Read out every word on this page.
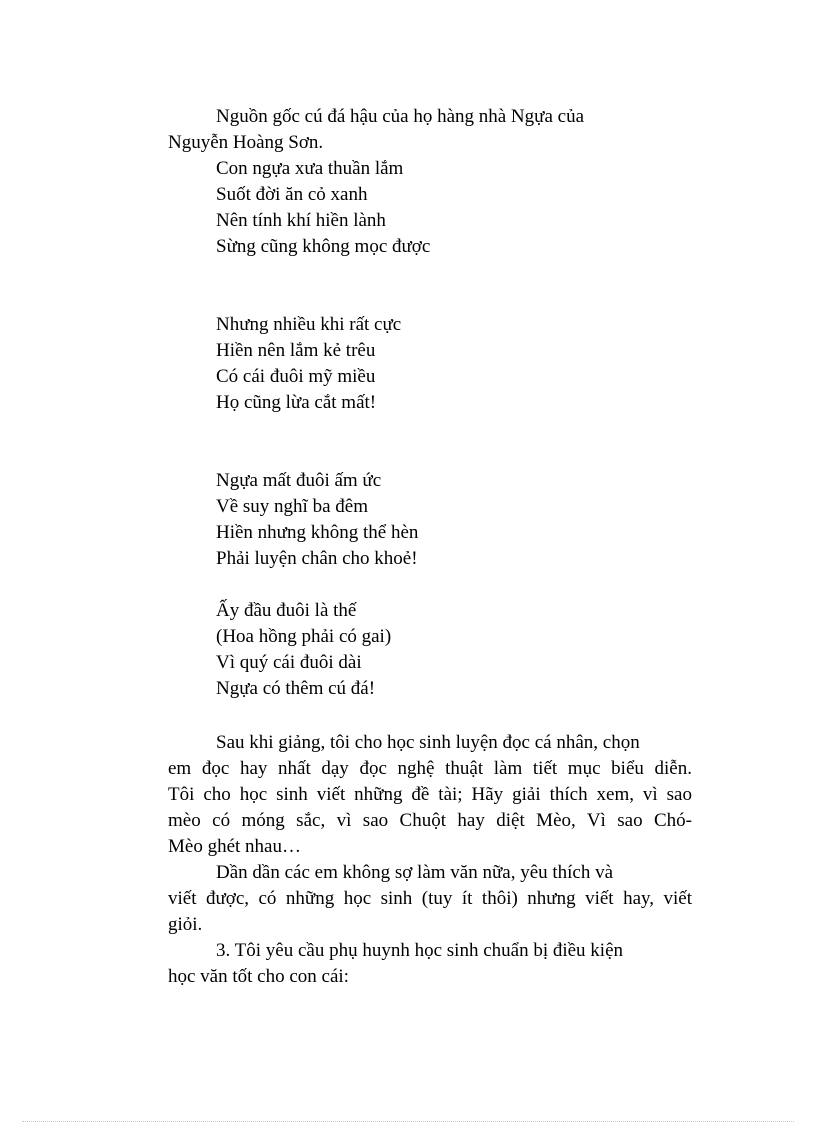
Nguồn gốc cú đá hậu của họ hàng nhà Ngựa của
Nguyễn Hoàng Sơn.
Con ngựa xưa thuần lắm
Suốt đời ăn cỏ xanh
Nên tính khí hiền lành
Sừng cũng không mọc được
Nhưng nhiều khi rất cực
Hiền nên lắm kẻ trêu
Có cái đuôi mỹ miều
Họ cũng lừa cắt mất!
Ngựa mất đuôi ấm ức
Về suy nghĩ ba đêm
Hiền nhưng không thể hèn
Phải luyện chân cho khoẻ!
Ấy đầu đuôi là thế
(Hoa hồng phải có gai)
Vì quý cái đuôi dài
Ngựa có thêm cú đá!
Sau khi giảng, tôi cho học sinh luyện đọc cá nhân, chọn
em đọc hay nhất dạy đọc nghệ thuật làm tiết mục biểu diễn.
Tôi cho học sinh viết những đề tài; Hãy giải thích xem, vì sao
mèo có móng sắc, vì sao Chuột hay diệt Mèo, Vì sao Chó-
Mèo ghét nhau…
Dần dần các em không sợ làm văn nữa, yêu thích và
viết được, có những học sinh (tuy ít thôi) nhưng viết hay, viết
giỏi.
3. Tôi yêu cầu phụ huynh học sinh chuẩn bị điều kiện
học văn tốt cho con cái:
